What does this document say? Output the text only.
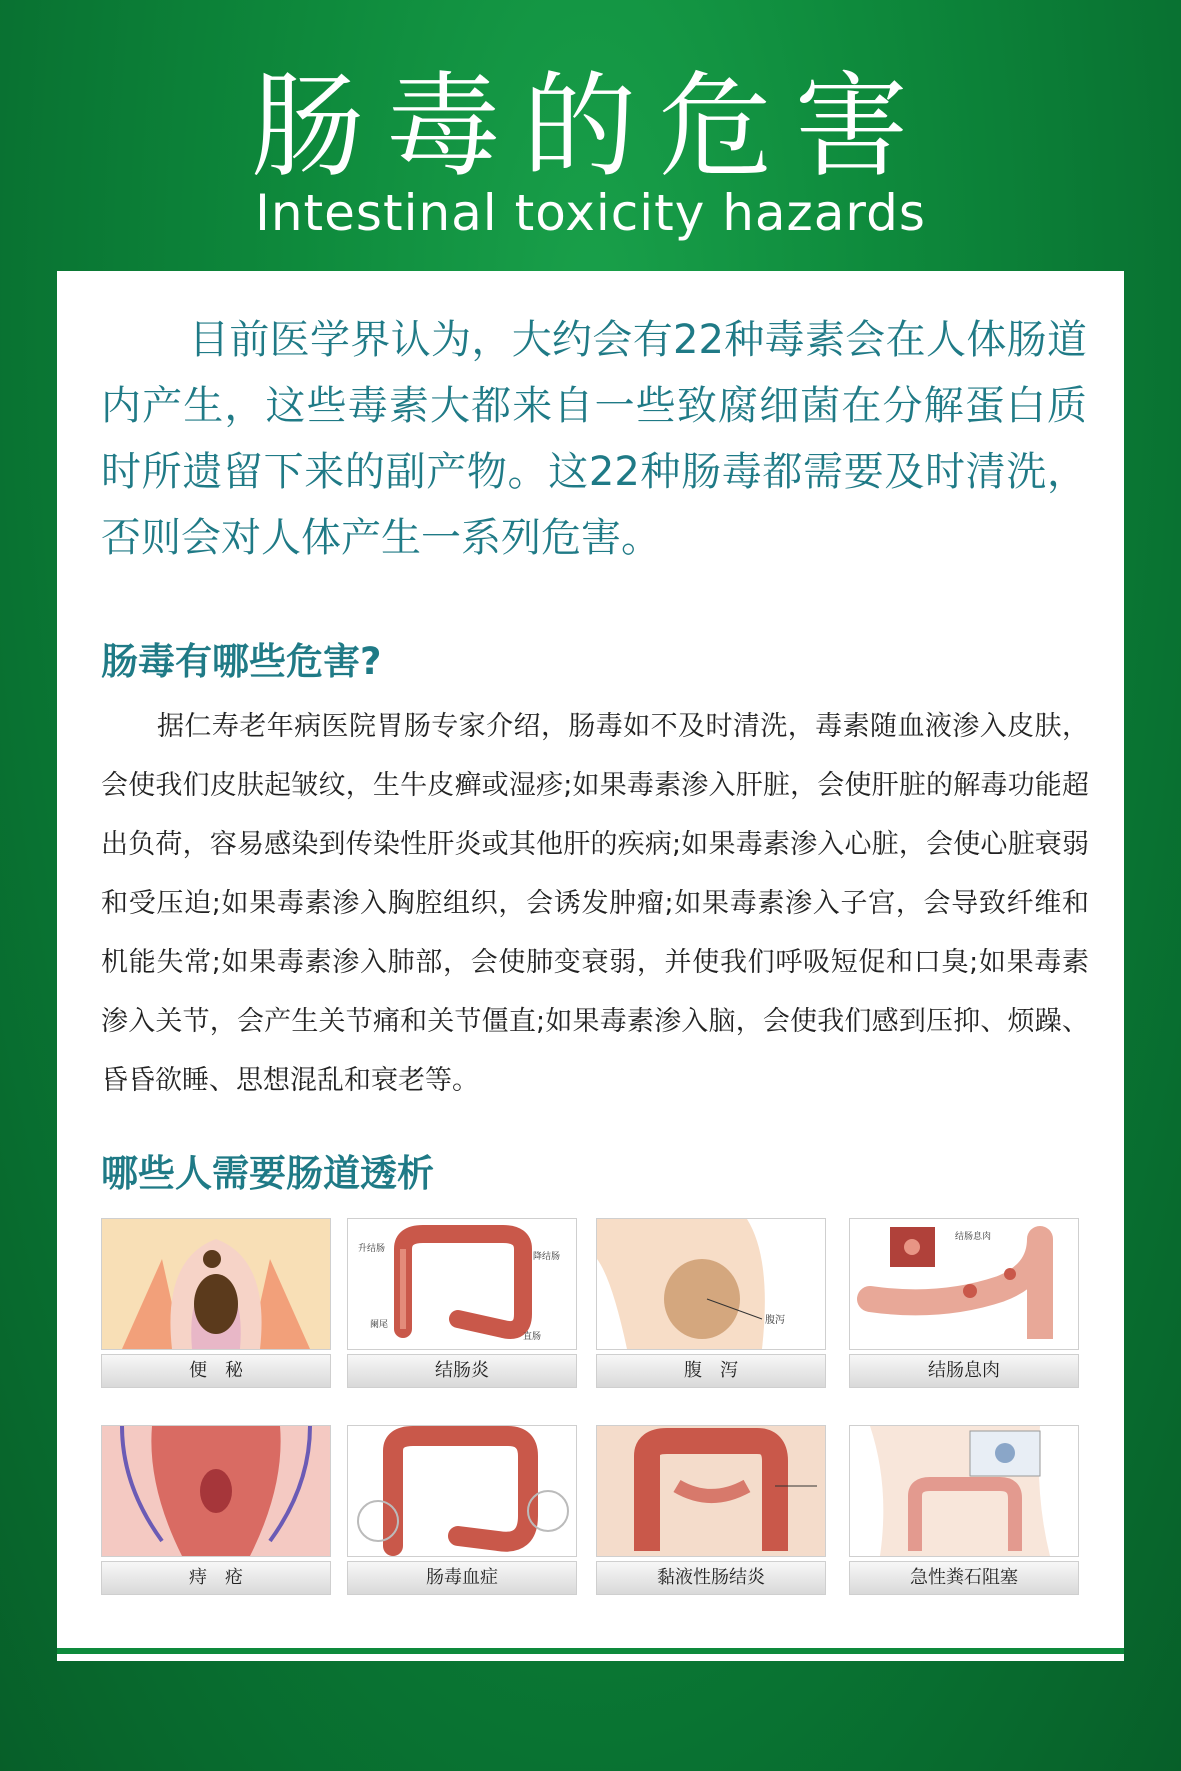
肠毒的危害
Intestinal toxicity hazards
目前医学界认为，大约会有22种毒素会在人体肠道内产生，这些毒素大都来自一些致腐细菌在分解蛋白质时所遗留下来的副产物。这22种肠毒都需要及时清洗，否则会对人体产生一系列危害。
肠毒有哪些危害?
据仁寿老年病医院胃肠专家介绍，肠毒如不及时清洗，毒素随血液渗入皮肤，会使我们皮肤起皱纹，生牛皮癣或湿疹;如果毒素渗入肝脏，会使肝脏的解毒功能超出负荷，容易感染到传染性肝炎或其他肝的疾病;如果毒素渗入心脏，会使心脏衰弱和受压迫;如果毒素渗入胸腔组织，会诱发肿瘤;如果毒素渗入子宫，会导致纤维和机能失常;如果毒素渗入肺部，会使肺变衰弱，并使我们呼吸短促和口臭;如果毒素渗入关节，会产生关节痛和关节僵直;如果毒素渗入脑，会使我们感到压抑、烦躁、昏昏欲睡、思想混乱和衰老等。
哪些人需要肠道透析
便　秘
升结肠
降结肠
阑尾
直肠
结肠炎
腹泻
腹　泻
结肠息肉
结肠息肉
痔　疮	肠毒血症	黏液性肠结炎	急性粪石阻塞
